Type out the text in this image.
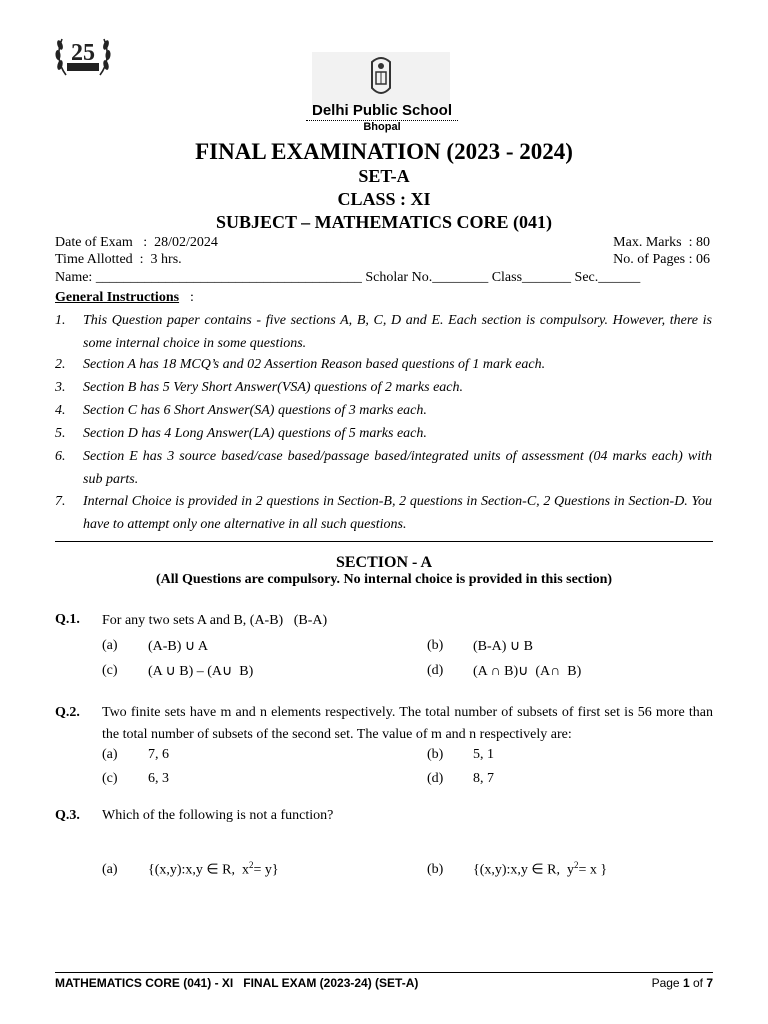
25
Delhi Public School
Bhopal
FINAL EXAMINATION (2023 - 2024)
SET-A
CLASS : XI
SUBJECT – MATHEMATICS CORE (041)
Date of Exam   :  28/02/2024	Max. Marks  : 80
Time Allotted  :  3 hrs.	No. of Pages : 06
Name: ______________________________________ Scholar No.________ Class_______ Sec.______
General Instructions :
1. This Question paper contains - five sections A, B, C, D and E. Each section is compulsory. However, there is some internal choice in some questions.
2. Section A has 18 MCQ’s and 02 Assertion Reason based questions of 1 mark each.
3. Section B has 5 Very Short Answer(VSA) questions of 2 marks each.
4. Section C has 6 Short Answer(SA) questions of 3 marks each.
5. Section D has 4 Long Answer(LA) questions of 5 marks each.
6. Section E has 3 source based/case based/passage based/integrated units of assessment (04 marks each) with sub parts.
7. Internal Choice is provided in 2 questions in Section-B, 2 questions in Section-C, 2 Questions in Section-D. You have to attempt only one alternative in all such questions.
SECTION - A
(All Questions are compulsory. No internal choice is provided in this section)
Q.1. For any two sets A and B, (A-B)   (B-A)
(a) (A-B) ∪ A	(b) (B-A) ∪ B
(c) (A ∪ B) – (A∪  B)	(d) (A ∩ B)∪  (A∩  B)
Q.2. Two finite sets have m and n elements respectively. The total number of subsets of first set is 56 more than the total number of subsets of the second set. The value of m and n respectively are:
(a) 7, 6	(b) 5, 1
(c) 6, 3	(d) 8, 7
Q.3. Which of the following is not a function?
(a) {(x,y):x,y ∈ R,  $x^2= y$}	(b) {(x,y):x,y ∈ R,  $y^2= x$ }
MATHEMATICS CORE (041) - XI   FINAL EXAM (2023-24) (SET-A)	Page 1 of 7
